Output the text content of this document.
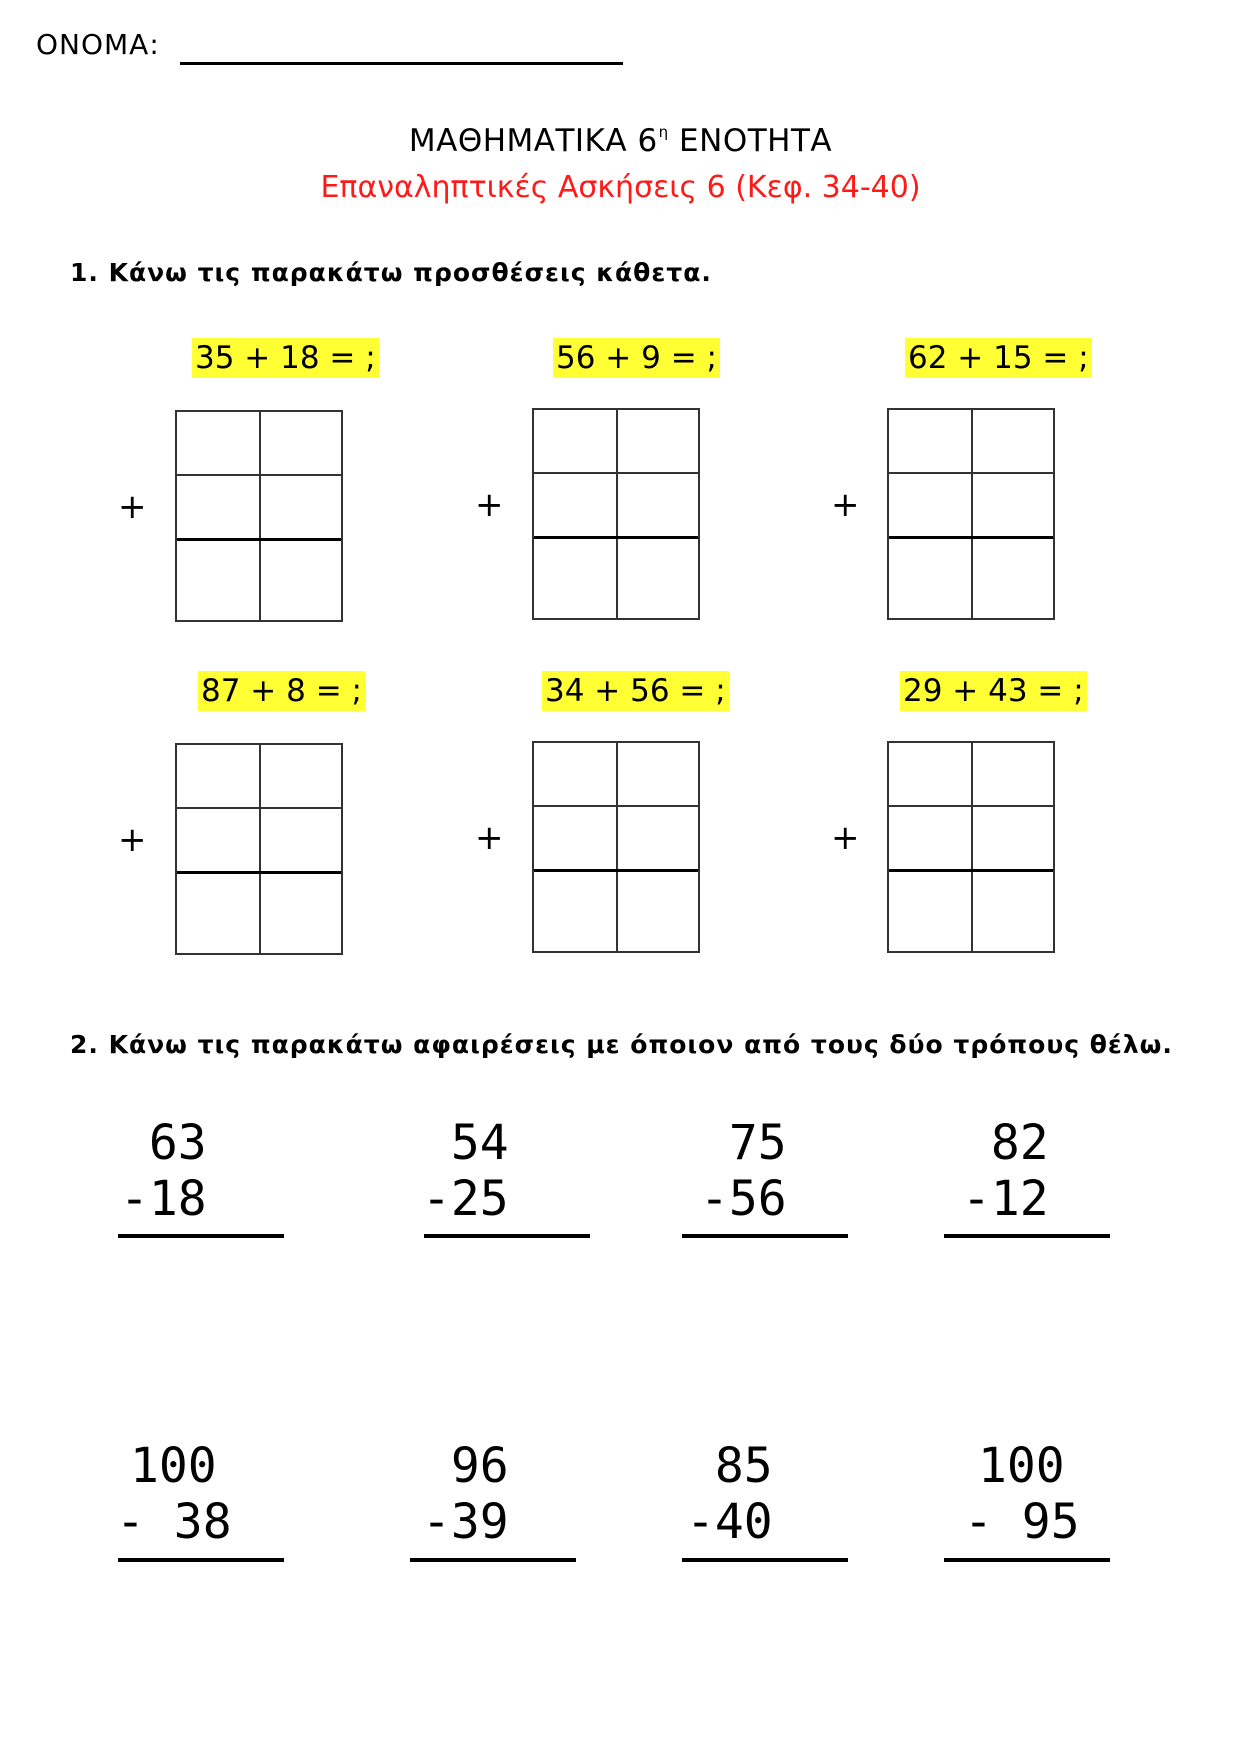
ΟΝΟΜΑ:
ΜΑΘΗΜΑΤΙΚΑ $6^\eta$ ΕΝΟΤΗΤΑ
Επαναληπτικές Ασκήσεις 6 (Κεφ. 34-40)
1. Κάνω τις παρακάτω προσθέσεις κάθετα.
35 + 18 = ;	56 + 9 = ;	62 + 15 = ;
+	+	+
87 + 8 = ;	34 + 56 = ;	29 + 43 = ;
+	+	+
2. Κάνω τις παρακάτω αφαιρέσεις με όποιον από τους δύο τρόπους θέλω.
63
-18
54
-25
75
-56
82
-12
100
- 38
96
-39
85
-40
100
- 95
